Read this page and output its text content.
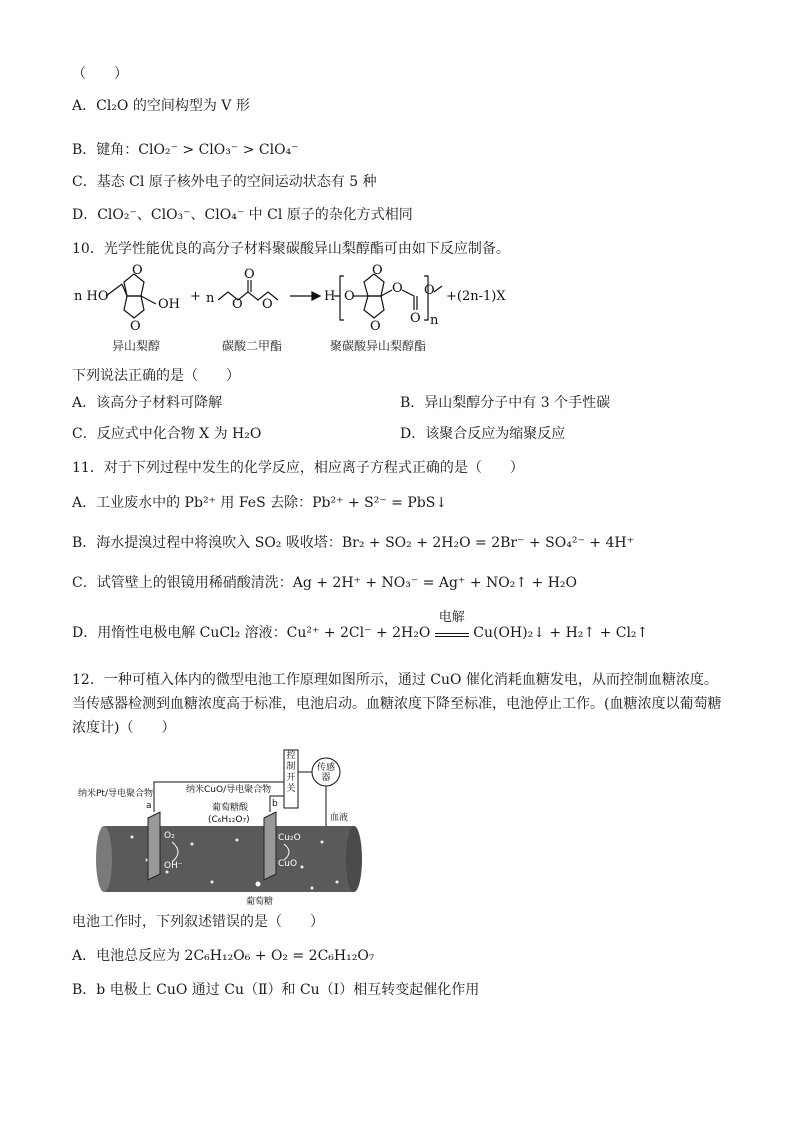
（　　）
A．Cl₂O 的空间构型为 V 形
B．键角：ClO₂⁻ > ClO₃⁻ > ClO₄⁻
C．基态 Cl 原子核外电子的空间运动状态有 5 种
D．ClO₂⁻、ClO₃⁻、ClO₄⁻ 中 Cl 原子的杂化方式相同
10．光学性能优良的高分子材料聚碳酸异山梨醇酯可由如下反应制备。
n HO
O
O
OH
+ n O
O
O
H O
O
O
O
O
O
n
+(2n-1)X
异山梨醇	碳酸二甲酯	聚碳酸异山梨醇酯
下列说法正确的是（　　）
A．该高分子材料可降解	B．异山梨醇分子中有 3 个手性碳
C．反应式中化合物 X 为 H₂O	D．该聚合反应为缩聚反应
11．对于下列过程中发生的化学反应，相应离子方程式正确的是（　　）
A．工业废水中的 Pb²⁺ 用 FeS 去除：Pb²⁺ + S²⁻ = PbS↓
B．海水提溴过程中将溴吹入 SO₂ 吸收塔：Br₂ + SO₂ + 2H₂O = 2Br⁻ + SO₄²⁻ + 4H⁺
C．试管壁上的银镜用稀硝酸清洗：Ag + 2H⁺ + NO₃⁻ = Ag⁺ + NO₂↑ + H₂O
D．用惰性电极电解 CuCl₂ 溶液：Cu²⁺ + 2Cl⁻ + 2H₂O
电解
Cu(OH)₂↓ + H₂↑ + Cl₂↑
12．一种可植入体内的微型电池工作原理如图所示，通过 CuO 催化消耗血糖发电，从而控制血糖浓度。当传感器检测到血糖浓度高于标准，电池启动。血糖浓度下降至标准，电池停止工作。(血糖浓度以葡萄糖浓度计)（　　）
控制开关
传感器
纳米Pt/导电聚合物
a
纳米CuO/导电聚合物
b
葡萄糖酸
(C₆H₁₂O₇)	血液
O₂
OH⁻
Cu₂O
CuO
葡萄糖
电池工作时，下列叙述错误的是（　　）
A．电池总反应为 2C₆H₁₂O₆ + O₂ = 2C₆H₁₂O₇
B．b 电极上 CuO 通过 Cu（Ⅱ）和 Cu（Ⅰ）相互转变起催化作用
